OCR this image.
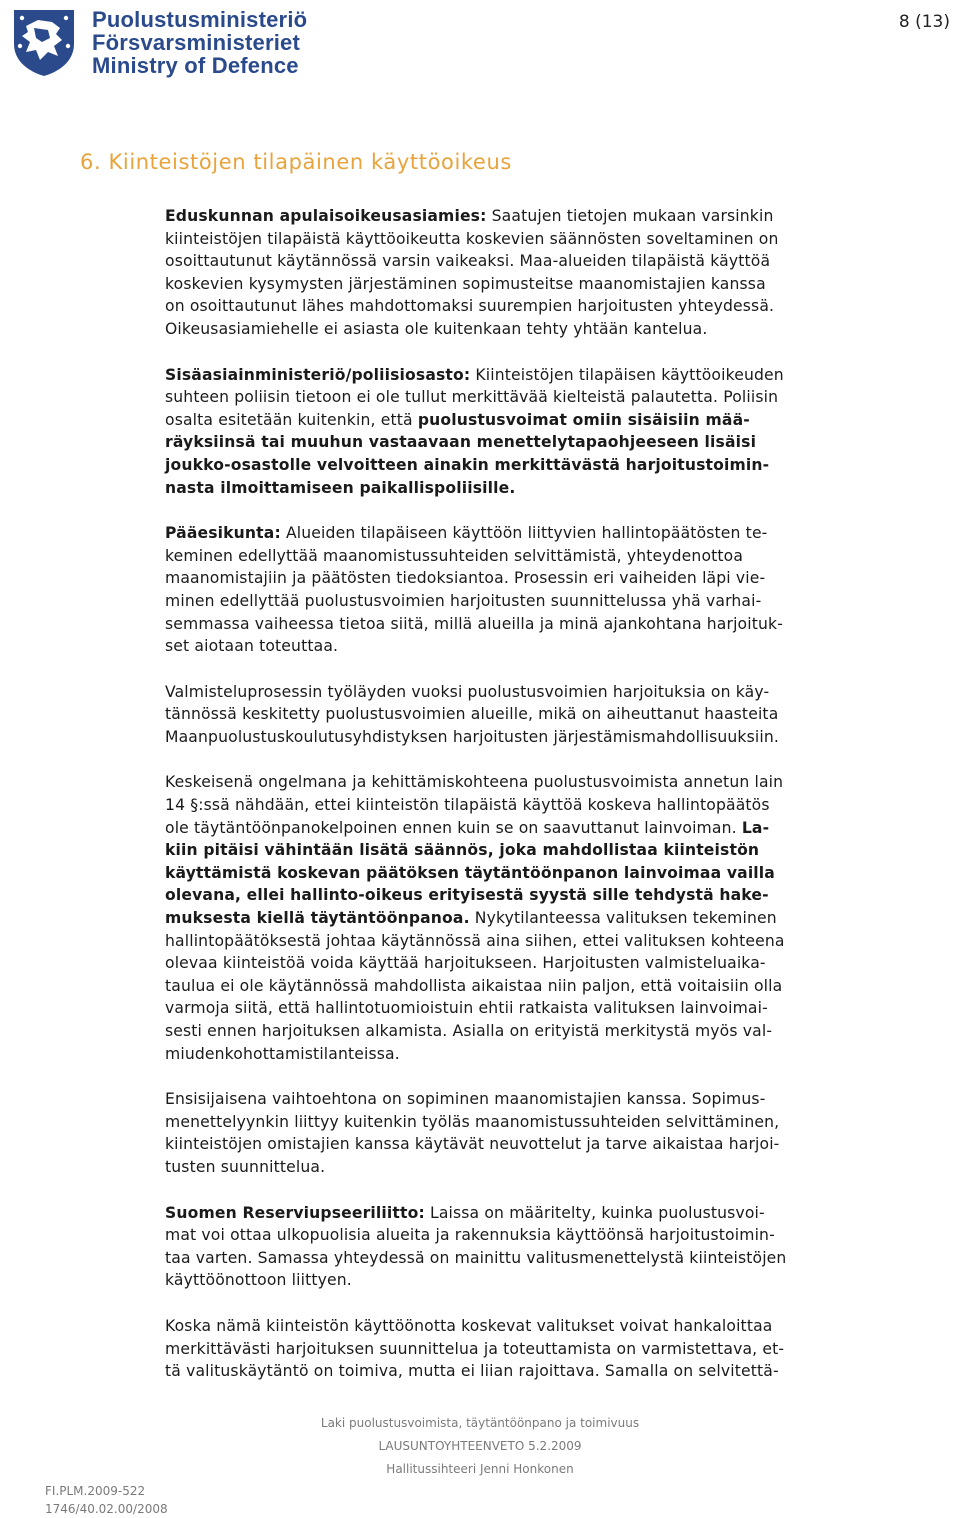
Puolustusministeriö
Försvarsministeriet
Ministry of Defence
8 (13)
6. Kiinteistöjen tilapäinen käyttöoikeus
Eduskunnan apulaisoikeusasiamies: Saatujen tietojen mukaan varsinkin
kiinteistöjen tilapäistä käyttöoikeutta koskevien säännösten soveltaminen on
osoittautunut käytännössä varsin vaikeaksi. Maa-alueiden tilapäistä käyttöä
koskevien kysymysten järjestäminen sopimusteitse maanomistajien kanssa
on osoittautunut lähes mahdottomaksi suurempien harjoitusten yhteydessä.
Oikeusasiamiehelle ei asiasta ole kuitenkaan tehty yhtään kantelua.
Sisäasiainministeriö/poliisiosasto: Kiinteistöjen tilapäisen käyttöoikeuden
suhteen poliisin tietoon ei ole tullut merkittävää kielteistä palautetta. Poliisin
osalta esitetään kuitenkin, että puolustusvoimat omiin sisäisiin mää-
räyksiinsä tai muuhun vastaavaan menettelytapaohjeeseen lisäisi
joukko-osastolle velvoitteen ainakin merkittävästä harjoitustoimin-
nasta ilmoittamiseen paikallispoliisille.
Pääesikunta: Alueiden tilapäiseen käyttöön liittyvien hallintopäätösten te-
keminen edellyttää maanomistussuhteiden selvittämistä, yhteydenottoa
maanomistajiin ja päätösten tiedoksiantoa. Prosessin eri vaiheiden läpi vie-
minen edellyttää puolustusvoimien harjoitusten suunnittelussa yhä varhai-
semmassa vaiheessa tietoa siitä, millä alueilla ja minä ajankohtana harjoituk-
set aiotaan toteuttaa.
Valmisteluprosessin työläyden vuoksi puolustusvoimien harjoituksia on käy-
tännössä keskitetty puolustusvoimien alueille, mikä on aiheuttanut haasteita
Maanpuolustuskoulutusyhdistyksen harjoitusten järjestämismahdollisuuksiin.
Keskeisenä ongelmana ja kehittämiskohteena puolustusvoimista annetun lain
14 §:ssä nähdään, ettei kiinteistön tilapäistä käyttöä koskeva hallintopäätös
ole täytäntöönpanokelpoinen ennen kuin se on saavuttanut lainvoiman. La-
kiin pitäisi vähintään lisätä säännös, joka mahdollistaa kiinteistön
käyttämistä koskevan päätöksen täytäntöönpanon lainvoimaa vailla
olevana, ellei hallinto-oikeus erityisestä syystä sille tehdystä hake-
muksesta kiellä täytäntöönpanoa. Nykytilanteessa valituksen tekeminen
hallintopäätöksestä johtaa käytännössä aina siihen, ettei valituksen kohteena
olevaa kiinteistöä voida käyttää harjoitukseen. Harjoitusten valmisteluaika-
taulua ei ole käytännössä mahdollista aikaistaa niin paljon, että voitaisiin olla
varmoja siitä, että hallintotuomioistuin ehtii ratkaista valituksen lainvoimai-
sesti ennen harjoituksen alkamista. Asialla on erityistä merkitystä myös val-
miudenkohottamistilanteissa.
Ensisijaisena vaihtoehtona on sopiminen maanomistajien kanssa. Sopimus-
menettelyynkin liittyy kuitenkin työläs maanomistussuhteiden selvittäminen,
kiinteistöjen omistajien kanssa käytävät neuvottelut ja tarve aikaistaa harjoi-
tusten suunnittelua.
Suomen Reserviupseeriliitto: Laissa on määritelty, kuinka puolustusvoi-
mat voi ottaa ulkopuolisia alueita ja rakennuksia käyttöönsä harjoitustoimin-
taa varten. Samassa yhteydessä on mainittu valitusmenettelystä kiinteistöjen
käyttöönottoon liittyen.
Koska nämä kiinteistön käyttöönotta koskevat valitukset voivat hankaloittaa
merkittävästi harjoituksen suunnittelua ja toteuttamista on varmistettava, et-
tä valituskäytäntö on toimiva, mutta ei liian rajoittava. Samalla on selvitettä-
Laki puolustusvoimista, täytäntöönpano ja toimivuus
LAUSUNTOYHTEENVETO 5.2.2009
Hallitussihteeri Jenni Honkonen
FI.PLM.2009-522
1746/40.02.00/2008
